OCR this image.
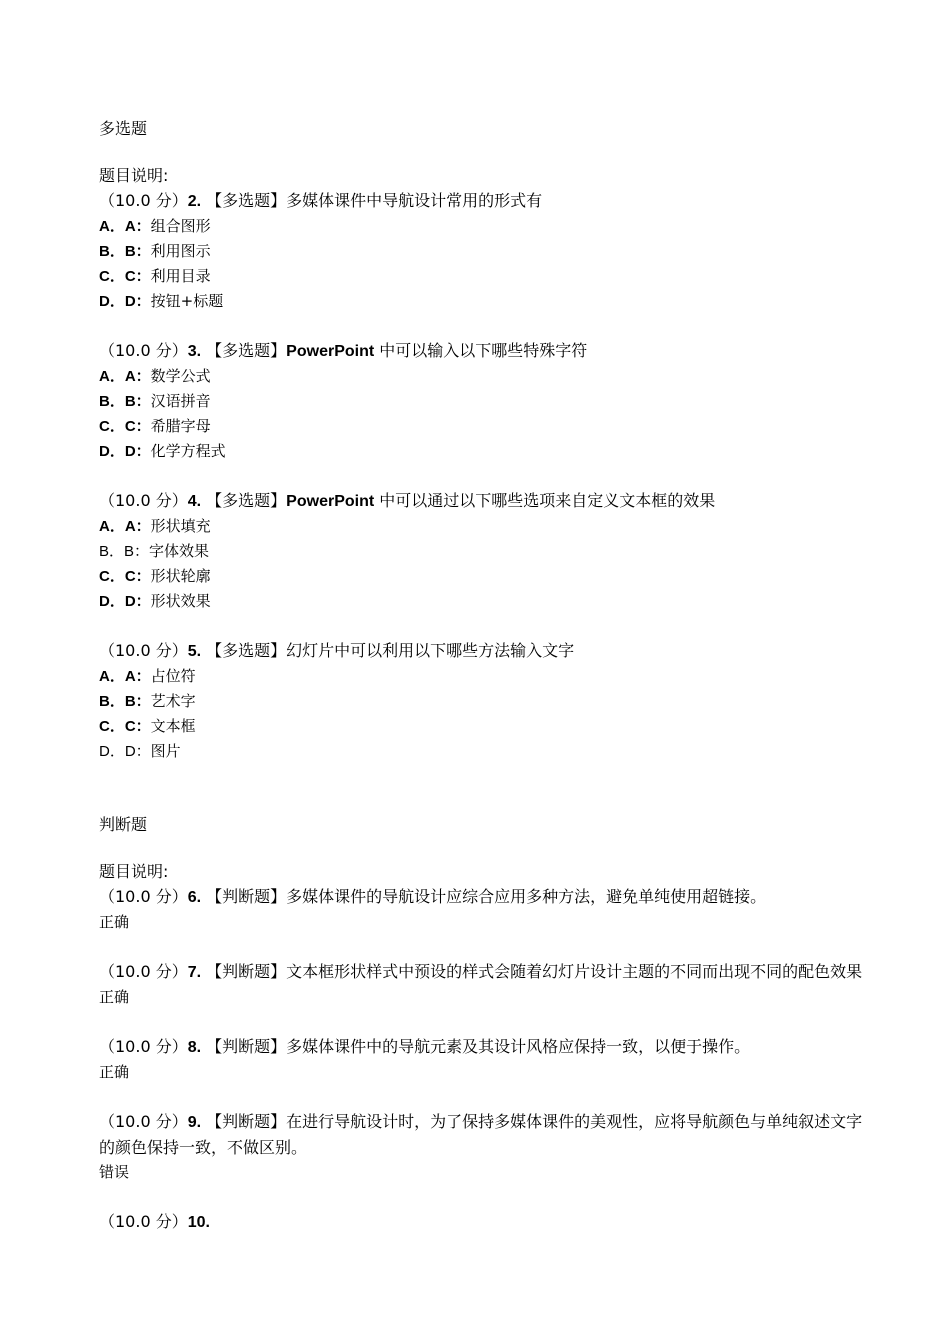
多选题
题目说明:
（10.0 分）2. 【多选题】多媒体课件中导航设计常用的形式有
A．A：组合图形
B．B：利用图示
C．C：利用目录
D．D：按钮+标题
（10.0 分）3. 【多选题】PowerPoint 中可以输入以下哪些特殊字符
A．A：数学公式
B．B：汉语拼音
C．C：希腊字母
D．D：化学方程式
（10.0 分）4. 【多选题】PowerPoint 中可以通过以下哪些选项来自定义文本框的效果
A．A：形状填充
B．B：字体效果
C．C：形状轮廓
D．D：形状效果
（10.0 分）5. 【多选题】幻灯片中可以利用以下哪些方法输入文字
A．A：占位符
B．B：艺术字
C．C：文本框
D．D：图片
判断题
题目说明:
（10.0 分）6. 【判断题】多媒体课件的导航设计应综合应用多种方法，避免单纯使用超链接。
正确
（10.0 分）7. 【判断题】文本框形状样式中预设的样式会随着幻灯片设计主题的不同而出现不同的配色效果
正确
（10.0 分）8. 【判断题】多媒体课件中的导航元素及其设计风格应保持一致，以便于操作。
正确
（10.0 分）9. 【判断题】在进行导航设计时，为了保持多媒体课件的美观性，应将导航颜色与单纯叙述文字的颜色保持一致，不做区别。
错误
（10.0 分）10.
